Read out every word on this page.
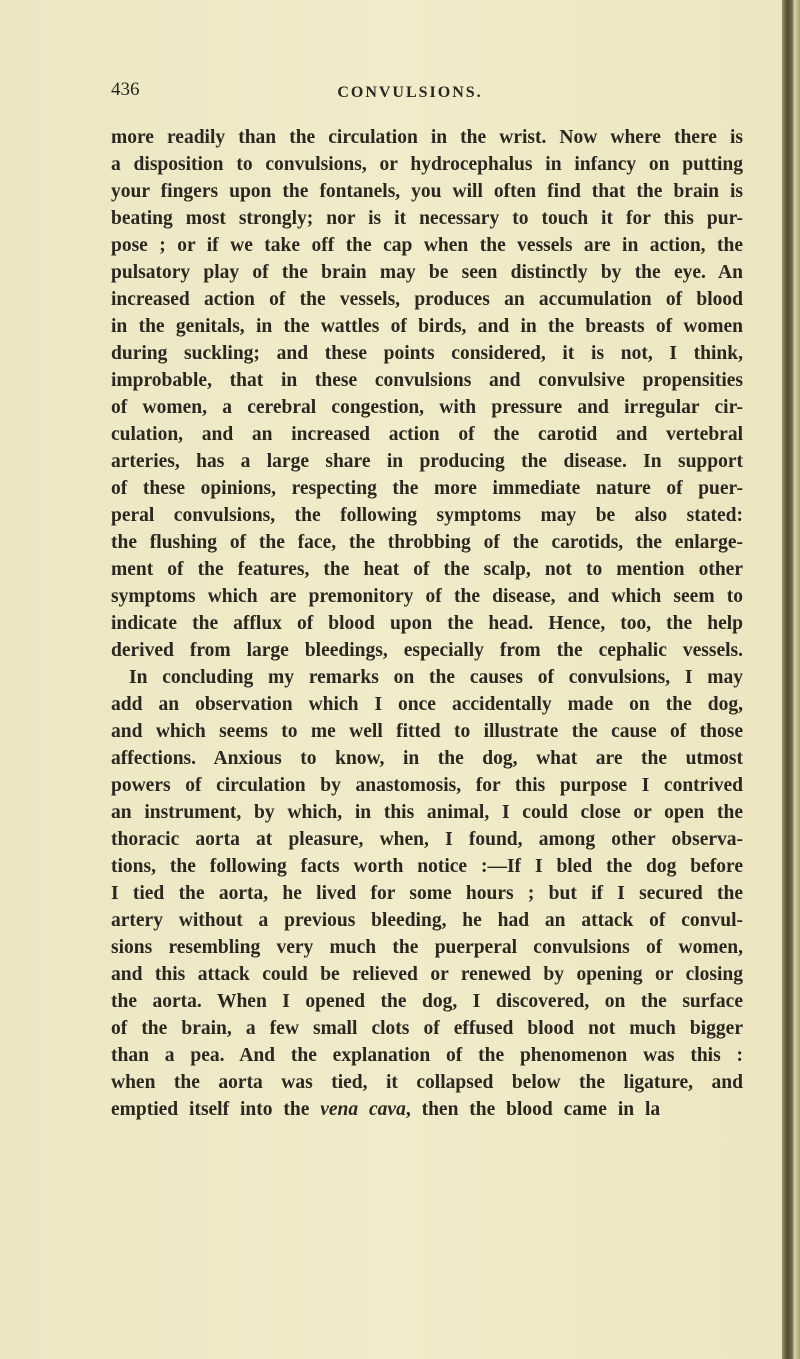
436	CONVULSIONS.
more readily than the circulation in the wrist. Now where there is
a disposition to convulsions, or hydrocephalus in infancy on putting
your fingers upon the fontanels, you will often find that the brain is
beating most strongly; nor is it necessary to touch it for this pur-
pose ; or if we take off the cap when the vessels are in action, the
pulsatory play of the brain may be seen distinctly by the eye. An
increased action of the vessels, produces an accumulation of blood
in the genitals, in the wattles of birds, and in the breasts of women
during suckling; and these points considered, it is not, I think,
improbable, that in these convulsions and convulsive propensities
of women, a cerebral congestion, with pressure and irregular cir-
culation, and an increased action of the carotid and vertebral
arteries, has a large share in producing the disease. In support
of these opinions, respecting the more immediate nature of puer-
peral convulsions, the following symptoms may be also stated:
the flushing of the face, the throbbing of the carotids, the enlarge-
ment of the features, the heat of the scalp, not to mention other
symptoms which are premonitory of the disease, and which seem to
indicate the afflux of blood upon the head. Hence, too, the help
derived from large bleedings, especially from the cephalic vessels.
In concluding my remarks on the causes of convulsions, I may
add an observation which I once accidentally made on the dog,
and which seems to me well fitted to illustrate the cause of those
affections. Anxious to know, in the dog, what are the utmost
powers of circulation by anastomosis, for this purpose I contrived
an instrument, by which, in this animal, I could close or open the
thoracic aorta at pleasure, when, I found, among other observa-
tions, the following facts worth notice :—If I bled the dog before
I tied the aorta, he lived for some hours ; but if I secured the
artery without a previous bleeding, he had an attack of convul-
sions resembling very much the puerperal convulsions of women,
and this attack could be relieved or renewed by opening or closing
the aorta. When I opened the dog, I discovered, on the surface
of the brain, a few small clots of effused blood not much bigger
than a pea. And the explanation of the phenomenon was this :
when the aorta was tied, it collapsed below the ligature, and
emptied itself into the vena cava, then the blood came in la
